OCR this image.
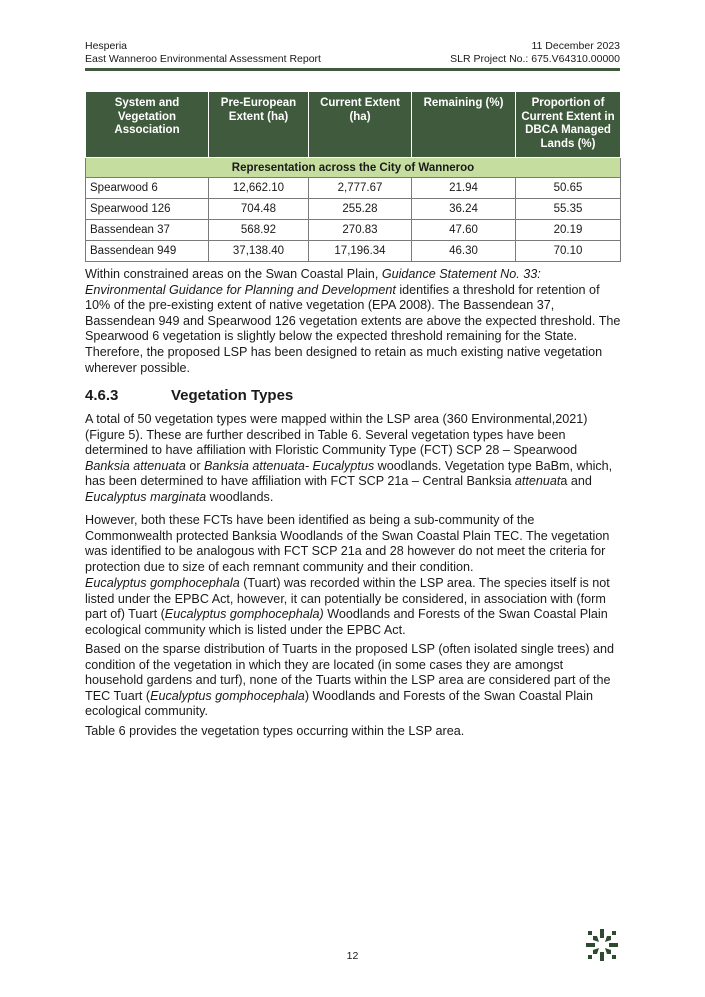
Hesperia	11 December 2023
East Wanneroo Environmental Assessment Report	SLR Project No.: 675.V64310.00000
System and Vegetation Association	Pre-European Extent (ha)	Current Extent (ha)	Remaining (%)	Proportion of Current Extent in DBCA Managed Lands (%)
Representation across the City of Wanneroo				
Spearwood 6	12,662.10	2,777.67	21.94	50.65
Spearwood 126	704.48	255.28	36.24	55.35
Bassendean 37	568.92	270.83	47.60	20.19
Bassendean 949	37,138.40	17,196.34	46.30	70.10

Within constrained areas on the Swan Coastal Plain, Guidance Statement No. 33: Environmental Guidance for Planning and Development identifies a threshold for retention of 10% of the pre-existing extent of native vegetation (EPA 2008). The Bassendean 37, Bassendean 949 and Spearwood 126 vegetation extents are above the expected threshold. The Spearwood 6 vegetation is slightly below the expected threshold remaining for the State. Therefore, the proposed LSP has been designed to retain as much existing native vegetation wherever possible.

4.6.3	Vegetation Types

A total of 50 vegetation types were mapped within the LSP area (360 Environmental,2021) (Figure 5). These are further described in Table 6. Several vegetation types have been determined to have affiliation with Floristic Community Type (FCT) SCP 28 – Spearwood Banksia attenuata or Banksia attenuata- Eucalyptus woodlands. Vegetation type BaBm, which, has been determined to have affiliation with FCT SCP 21a – Central Banksia attenuata and Eucalyptus marginata woodlands.

However, both these FCTs have been identified as being a sub-community of the Commonwealth protected Banksia Woodlands of the Swan Coastal Plain TEC. The vegetation was identified to be analogous with FCT SCP 21a and 28 however do not meet the criteria for protection due to size of each remnant community and their condition.

Eucalyptus gomphocephala (Tuart) was recorded within the LSP area. The species itself is not listed under the EPBC Act, however, it can potentially be considered, in association with (form part of) Tuart (Eucalyptus gomphocephala) Woodlands and Forests of the Swan Coastal Plain ecological community which is listed under the EPBC Act.

Based on the sparse distribution of Tuarts in the proposed LSP (often isolated single trees) and condition of the vegetation in which they are located (in some cases they are amongst household gardens and turf), none of the Tuarts within the LSP area are considered part of the TEC Tuart (Eucalyptus gomphocephala) Woodlands and Forests of the Swan Coastal Plain ecological community.

Table 6 provides the vegetation types occurring within the LSP area.

12
